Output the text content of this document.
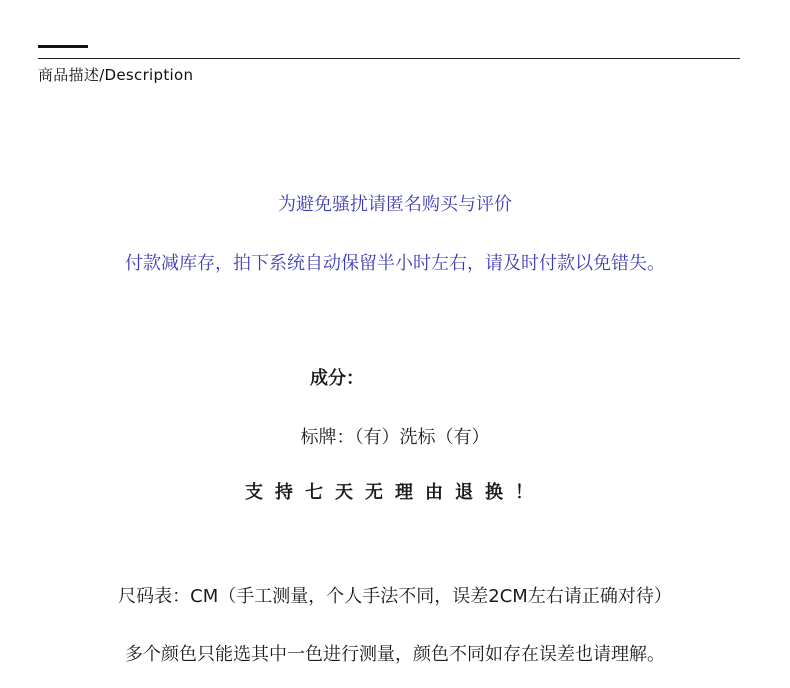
商品描述/Description
为避免骚扰请匿名购买与评价
付款减库存，拍下系统自动保留半小时左右，请及时付款以免错失。
成分：
标牌：（有）洗标（有）
支持七天无理由退换！
尺码表：CM（手工测量，个人手法不同，误差2CM左右请正确对待）
多个颜色只能选其中一色进行测量，颜色不同如存在误差也请理解。
